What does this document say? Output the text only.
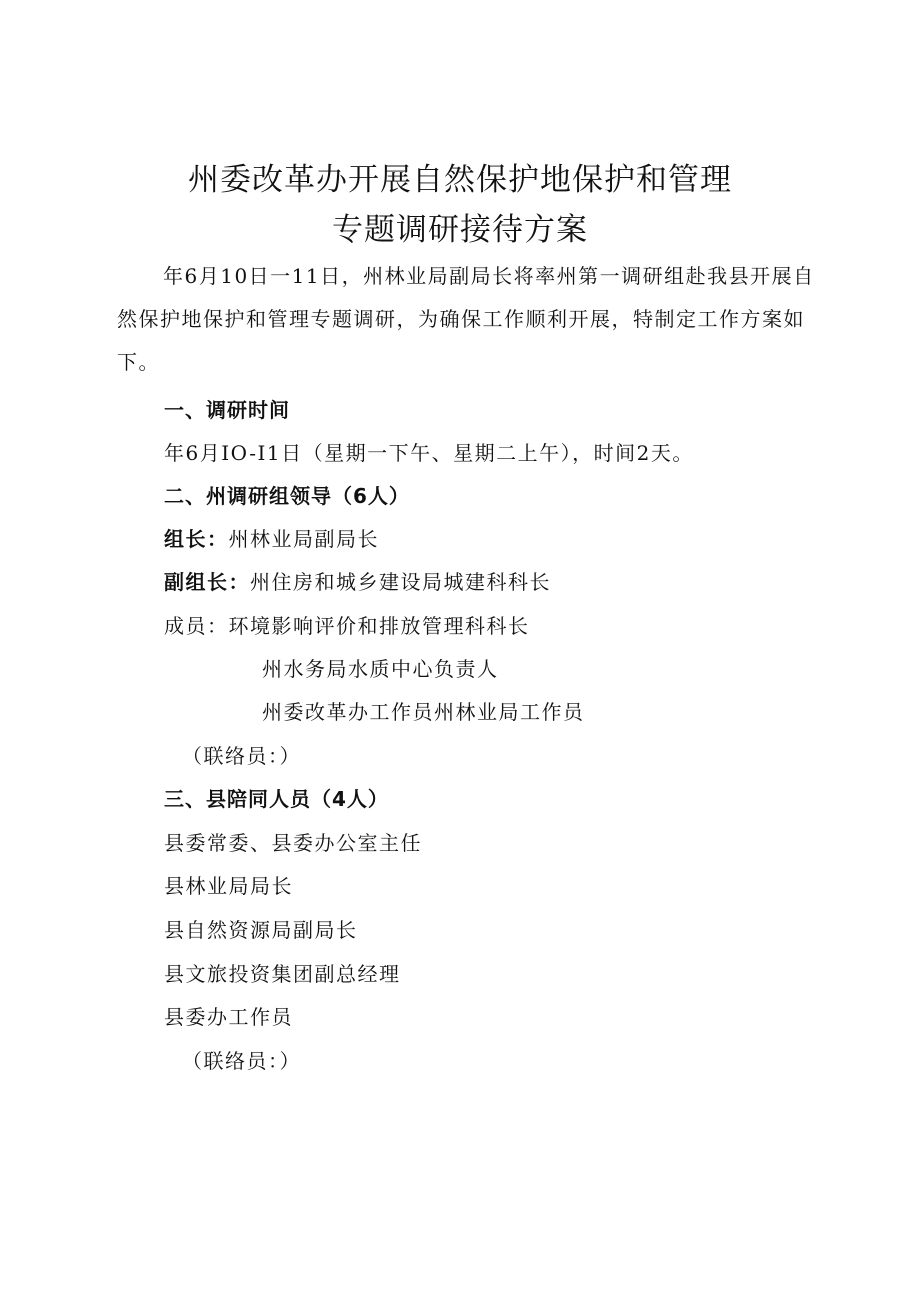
州委改革办开展自然保护地保护和管理
专题调研接待方案

年6月10日一11日，州林业局副局长将率州第一调研组赴我县开展自然保护地保护和管理专题调研，为确保工作顺利开展，特制定工作方案如下。

一、调研时间
年6月IO-I1日（星期一下午、星期二上午），时间2天。
二、州调研组领导（6人）
组长：州林业局副局长
副组长：州住房和城乡建设局城建科科长
成员：环境影响评价和排放管理科科长
州水务局水质中心负责人
州委改革办工作员州林业局工作员
（联络员：）
三、县陪同人员（4人）
县委常委、县委办公室主任
县林业局局长
县自然资源局副局长
县文旅投资集团副总经理
县委办工作员
（联络员：）
